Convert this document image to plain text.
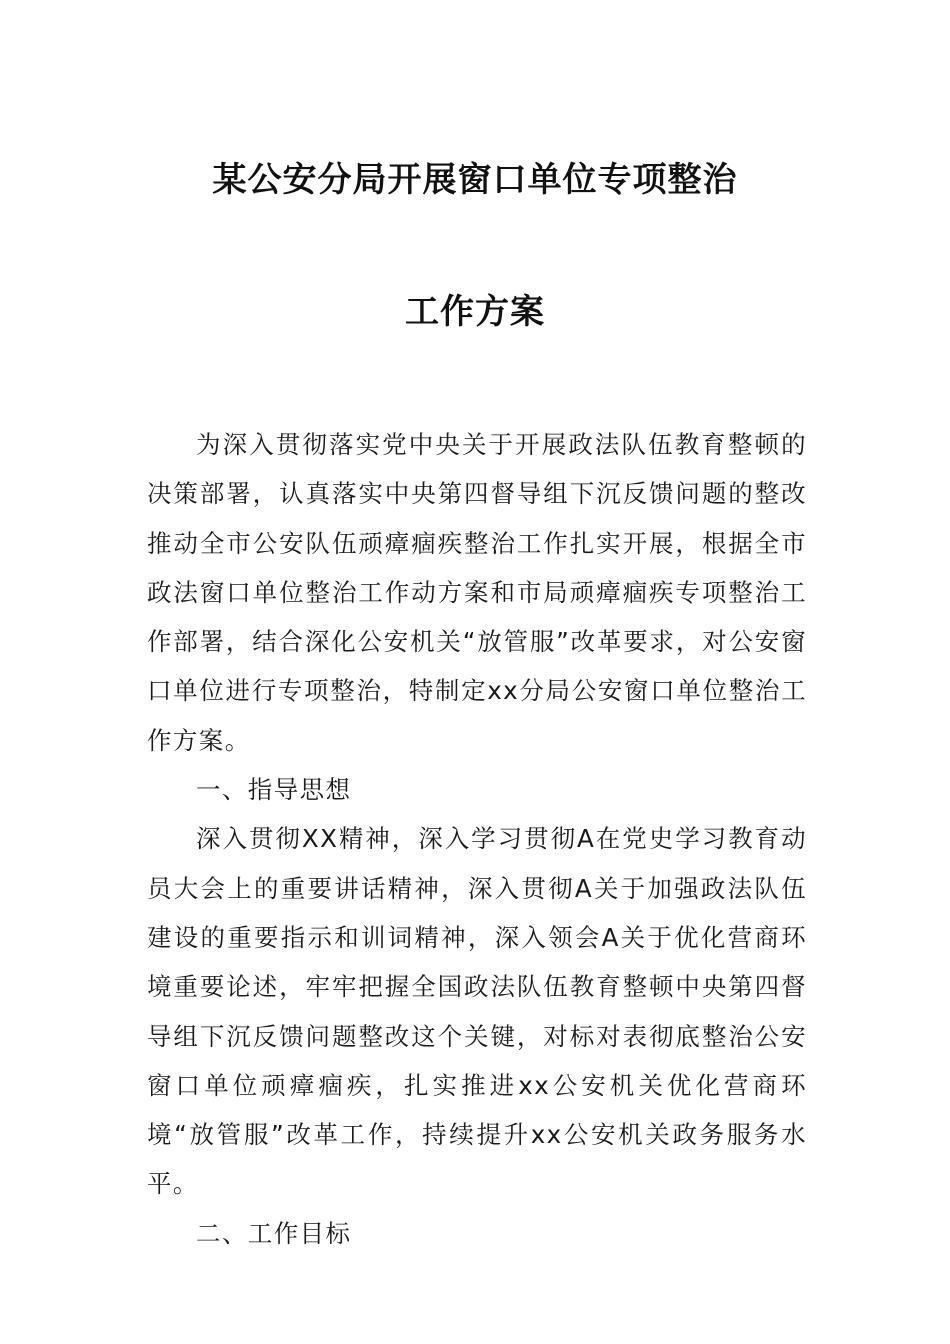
某公安分局开展窗口单位专项整治
工作方案

为深入贯彻落实党中央关于开展政法队伍教育整顿的决策部署，认真落实中央第四督导组下沉反馈问题的整改推动全市公安队伍顽瘴痼疾整治工作扎实开展，根据全市政法窗口单位整治工作动方案和市局顽瘴痼疾专项整治工作部署，结合深化公安机关“放管服”改革要求，对公安窗口单位进行专项整治，特制定xx分局公安窗口单位整治工作方案。

一、指导思想

深入贯彻XX精神，深入学习贯彻A在党史学习教育动员大会上的重要讲话精神，深入贯彻A关于加强政法队伍建设的重要指示和训词精神，深入领会A关于优化营商环境重要论述，牢牢把握全国政法队伍教育整顿中央第四督导组下沉反馈问题整改这个关键，对标对表彻底整治公安窗口单位顽瘴痼疾，扎实推进xx公安机关优化营商环境“放管服”改革工作，持续提升xx公安机关政务服务水平。

二、工作目标
